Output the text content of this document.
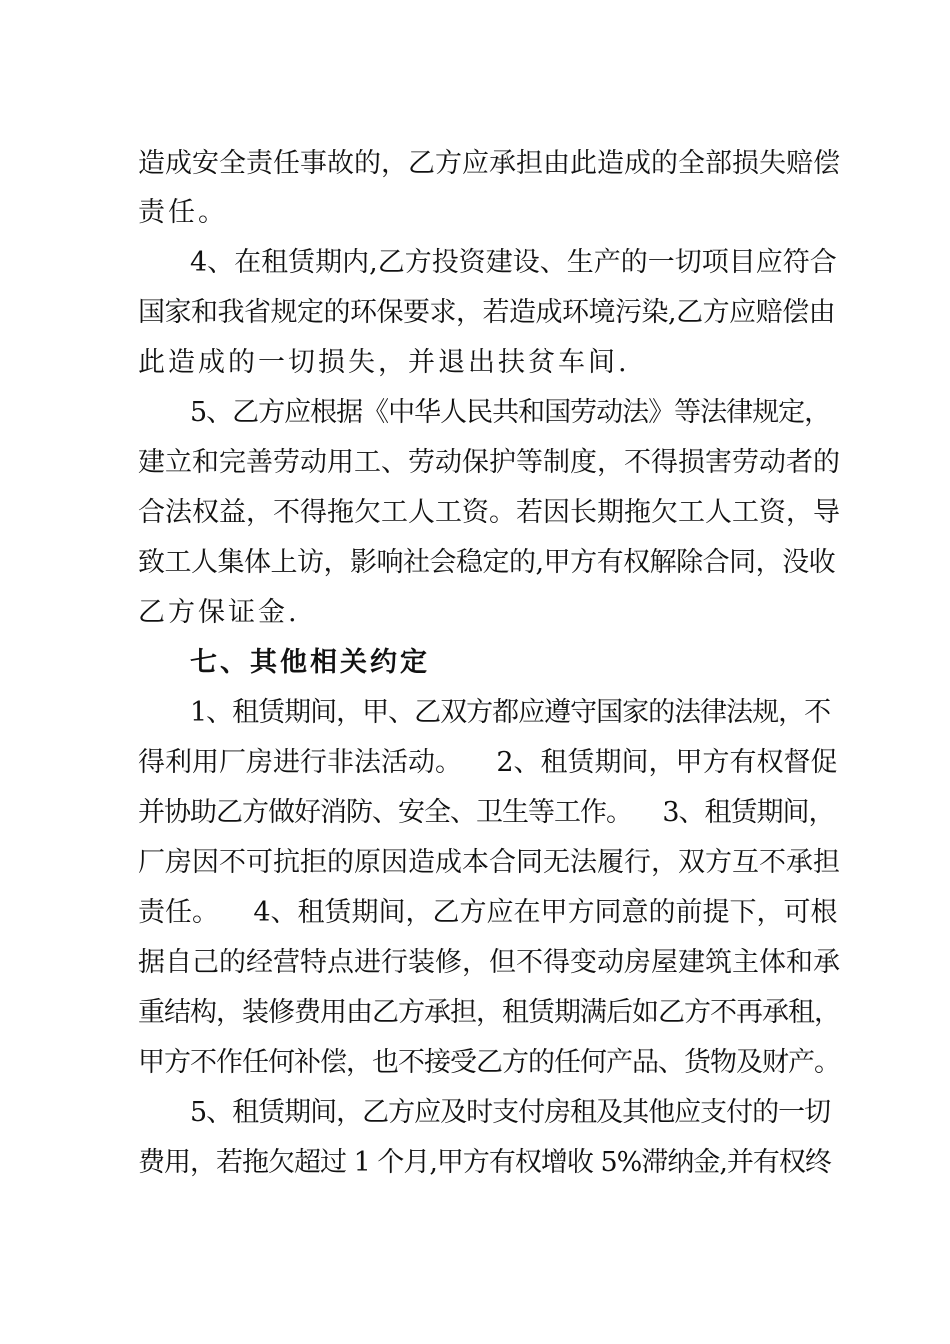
造成安全责任事故的，乙方应承担由此造成的全部损失赔偿
责任。
4、在租赁期内,乙方投资建设、生产的一切项目应符合
国家和我省规定的环保要求，若造成环境污染,乙方应赔偿由
此造成的一切损失，并退出扶贫车间.
5、乙方应根据《中华人民共和国劳动法》等法律规定，
建立和完善劳动用工、劳动保护等制度，不得损害劳动者的
合法权益，不得拖欠工人工资。若因长期拖欠工人工资，导
致工人集体上访，影响社会稳定的,甲方有权解除合同，没收
乙方保证金.
七、其他相关约定
1、租赁期间，甲、乙双方都应遵守国家的法律法规，不
得利用厂房进行非法活动。    2、租赁期间，甲方有权督促
并协助乙方做好消防、安全、卫生等工作。    3、租赁期间，
厂房因不可抗拒的原因造成本合同无法履行，双方互不承担
责任。    4、租赁期间，乙方应在甲方同意的前提下，可根
据自己的经营特点进行装修，但不得变动房屋建筑主体和承
重结构，装修费用由乙方承担，租赁期满后如乙方不再承租，
甲方不作任何补偿，也不接受乙方的任何产品、货物及财产。
5、租赁期间，乙方应及时支付房租及其他应支付的一切
费用，若拖欠超过 1 个月,甲方有权增收 5%滞纳金,并有权终
